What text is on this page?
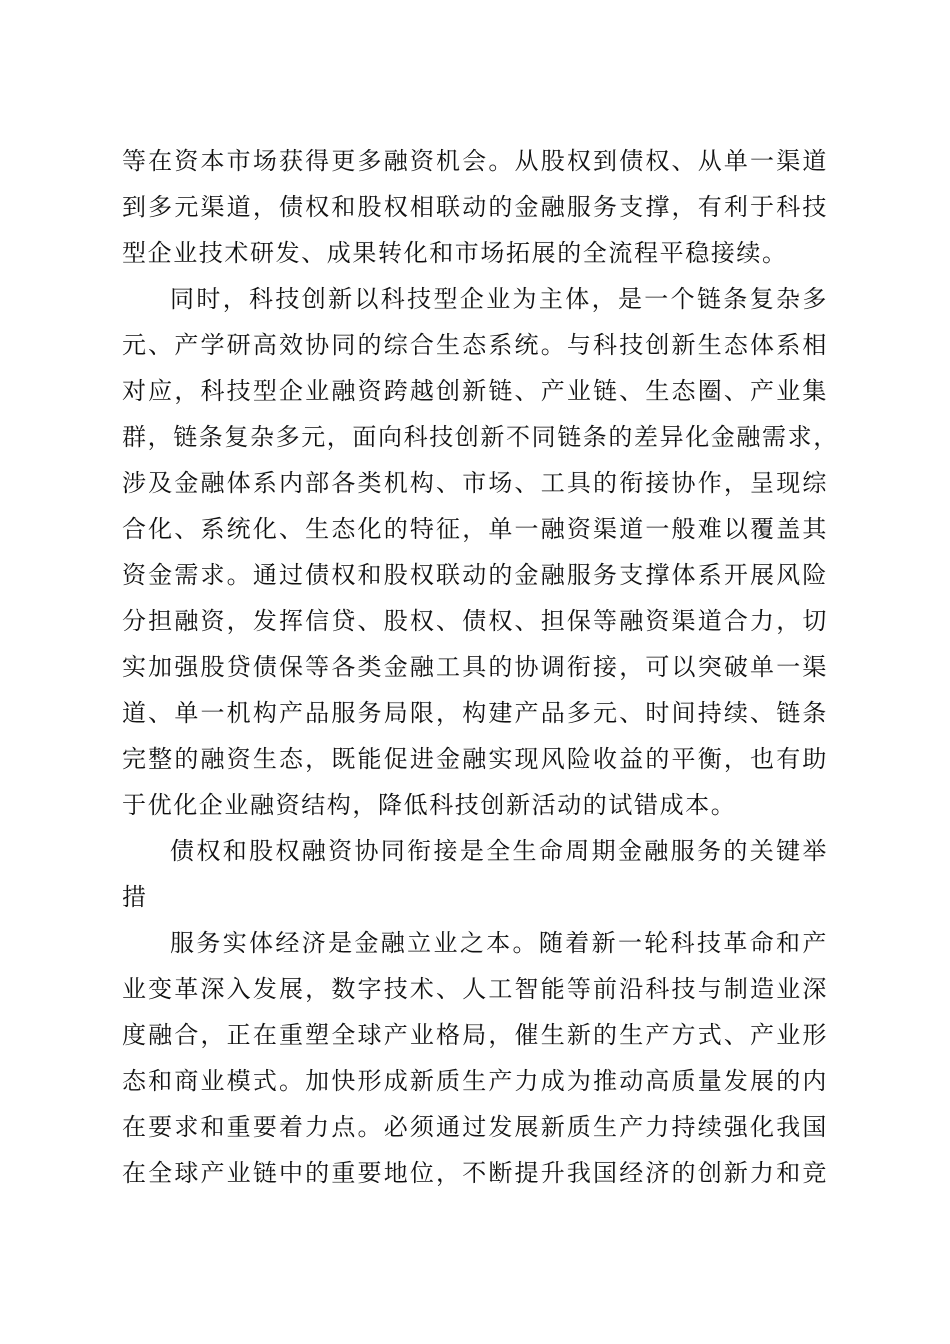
等在资本市场获得更多融资机会。从股权到债权、从单一渠道
到多元渠道，债权和股权相联动的金融服务支撑，有利于科技
型企业技术研发、成果转化和市场拓展的全流程平稳接续。
同时，科技创新以科技型企业为主体，是一个链条复杂多
元、产学研高效协同的综合生态系统。与科技创新生态体系相
对应，科技型企业融资跨越创新链、产业链、生态圈、产业集
群，链条复杂多元，面向科技创新不同链条的差异化金融需求，
涉及金融体系内部各类机构、市场、工具的衔接协作，呈现综
合化、系统化、生态化的特征，单一融资渠道一般难以覆盖其
资金需求。通过债权和股权联动的金融服务支撑体系开展风险
分担融资，发挥信贷、股权、债权、担保等融资渠道合力，切
实加强股贷债保等各类金融工具的协调衔接，可以突破单一渠
道、单一机构产品服务局限，构建产品多元、时间持续、链条
完整的融资生态，既能促进金融实现风险收益的平衡，也有助
于优化企业融资结构，降低科技创新活动的试错成本。
债权和股权融资协同衔接是全生命周期金融服务的关键举
措
服务实体经济是金融立业之本。随着新一轮科技革命和产
业变革深入发展，数字技术、人工智能等前沿科技与制造业深
度融合，正在重塑全球产业格局，催生新的生产方式、产业形
态和商业模式。加快形成新质生产力成为推动高质量发展的内
在要求和重要着力点。必须通过发展新质生产力持续强化我国
在全球产业链中的重要地位，不断提升我国经济的创新力和竞
